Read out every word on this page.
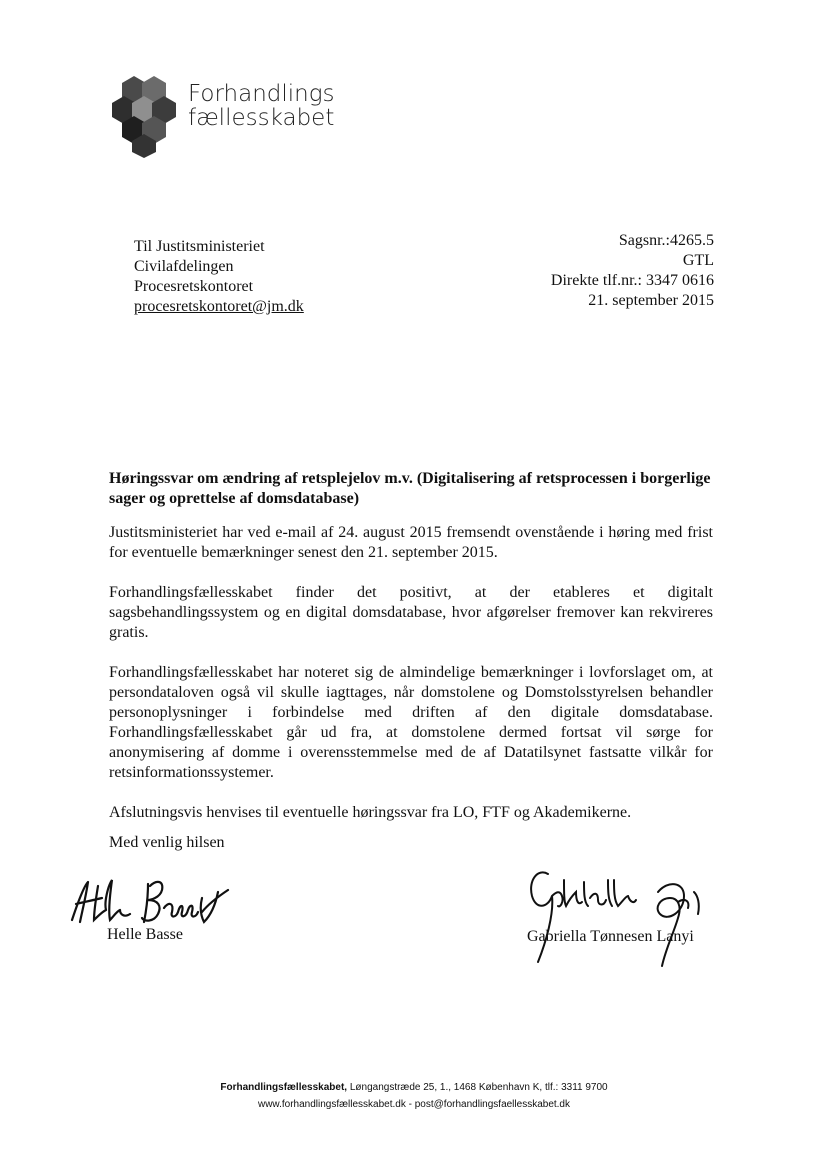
Forhandlings
fællesskabet
Til Justitsministeriet
Civilafdelingen
Procesretskontoret
procesretskontoret@jm.dk
Sagsnr.:4265.5
GTL
Direkte tlf.nr.: 3347 0616
21. september 2015

Høringssvar om ændring af retsplejelov m.v. (Digitalisering af retsprocessen i borgerlige sager og oprettelse af domsdatabase)

Justitsministeriet har ved e-mail af 24. august 2015 fremsendt ovenstående i høring med frist for eventuelle bemærkninger senest den 21. september 2015.

Forhandlingsfællesskabet finder det positivt, at der etableres et digitalt sagsbehandlingssystem og en digital domsdatabase, hvor afgørelser fremover kan rekvireres gratis.

Forhandlingsfællesskabet har noteret sig de almindelige bemærkninger i lovforslaget om, at persondataloven også vil skulle iagttages, når domstolene og Domstolsstyrelsen behandler personoplysninger i forbindelse med driften af den digitale domsdatabase. Forhandlingsfællesskabet går ud fra, at domstolene dermed fortsat vil sørge for anonymisering af domme i overensstemmelse med de af Datatilsynet fastsatte vilkår for retsinformationssystemer.

Afslutningsvis henvises til eventuelle høringssvar fra LO, FTF og Akademikerne.

Med venlig hilsen
Helle Basse	Gabriella Tønnesen Lanyi
Forhandlingsfællesskabet, Løngangstræde 25, 1., 1468 København K, tlf.: 3311 9700
www.forhandlingsfællesskabet.dk - post@forhandlingsfaellesskabet.dk
